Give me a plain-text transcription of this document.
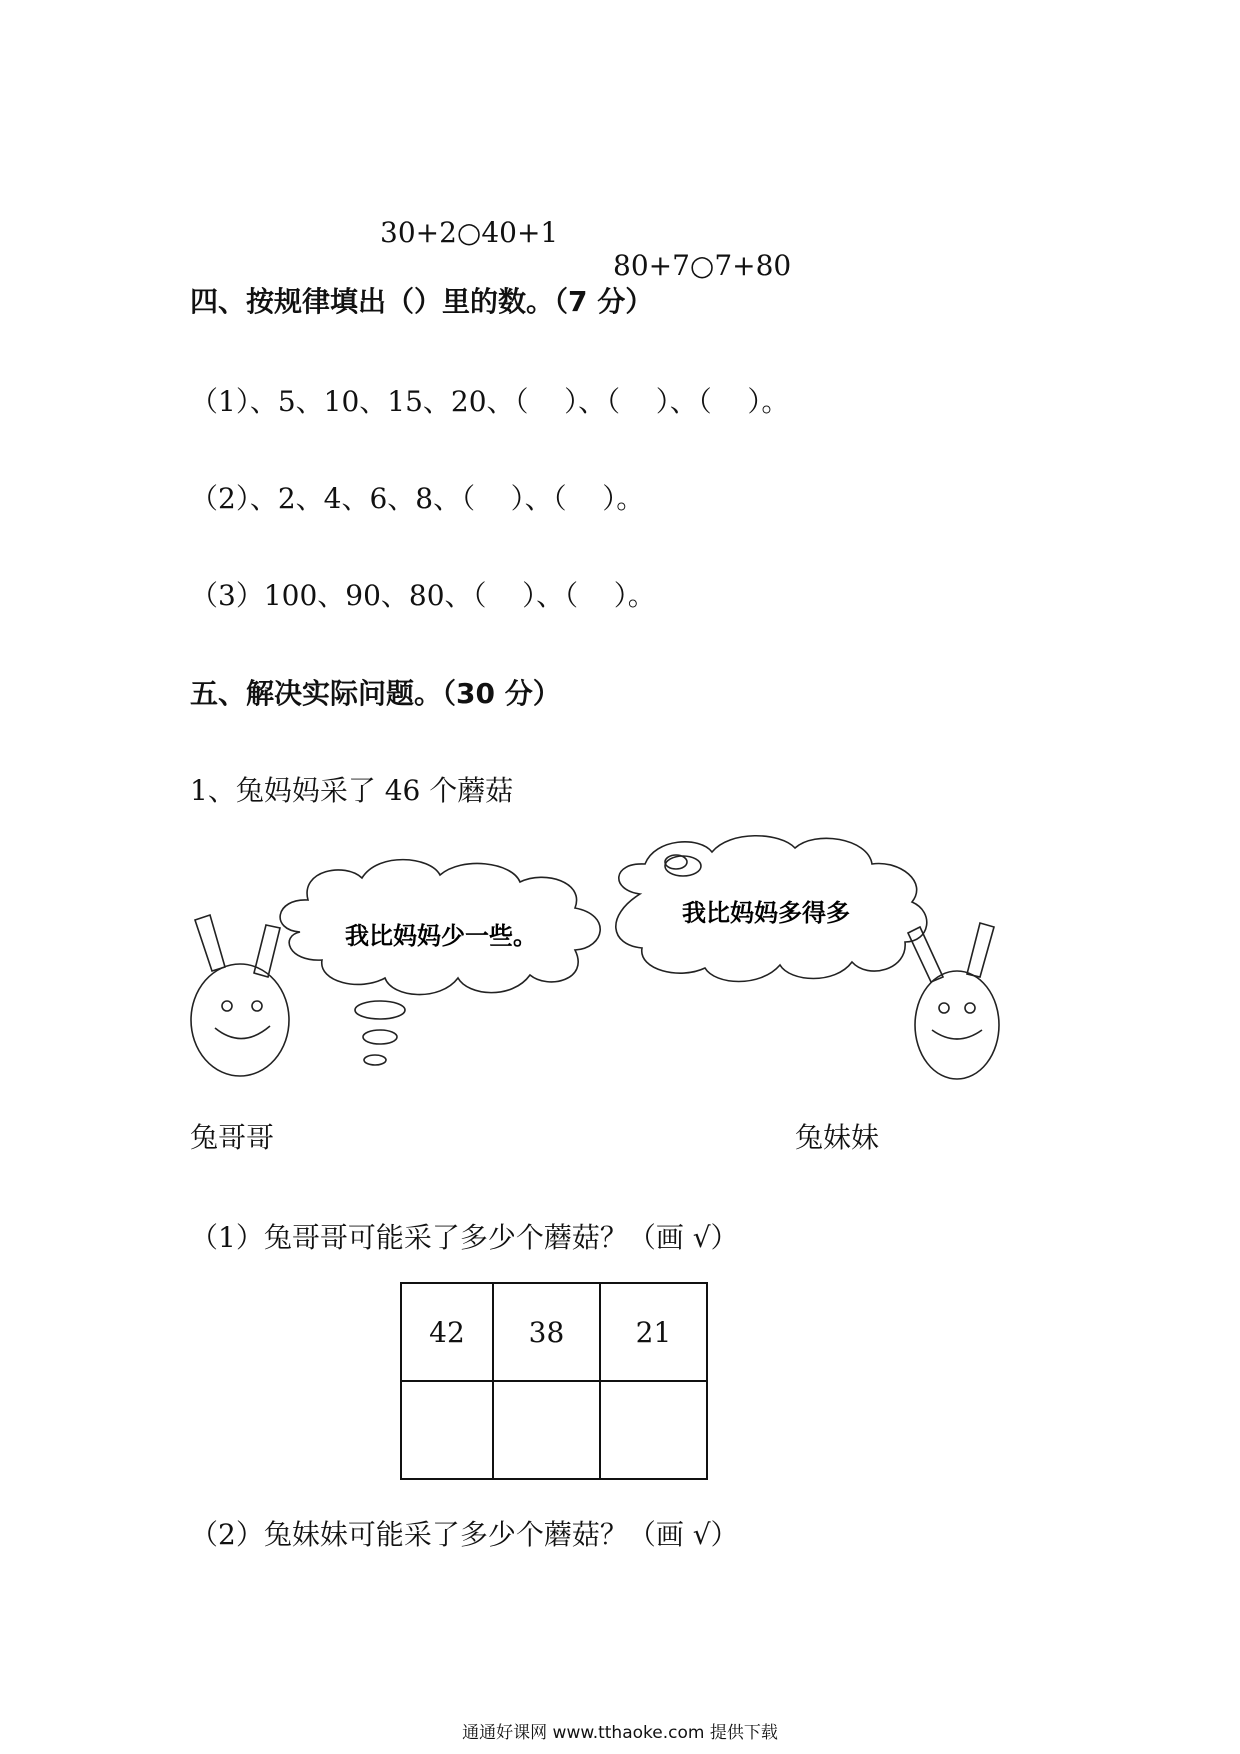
30+2○40+1

80+7○7+80

四、按规律填出（）里的数。（7 分）
（1）、5、10、15、20、（    ）、（    ）、（    ）。
（2）、2、4、6、8、（    ）、（    ）。
（3）100、90、80、（    ）、（    ）。
五、解决实际问题。（30 分）
1、兔妈妈采了 46 个蘑菇
我比妈妈少一些。
我比妈妈多得多
兔哥哥	兔妹妹
（1）兔哥哥可能采了多少个蘑菇？（画 √）
42	38	21

（2）兔妹妹可能采了多少个蘑菇？（画 √）
通通好课网 www.tthaoke.com 提供下载
